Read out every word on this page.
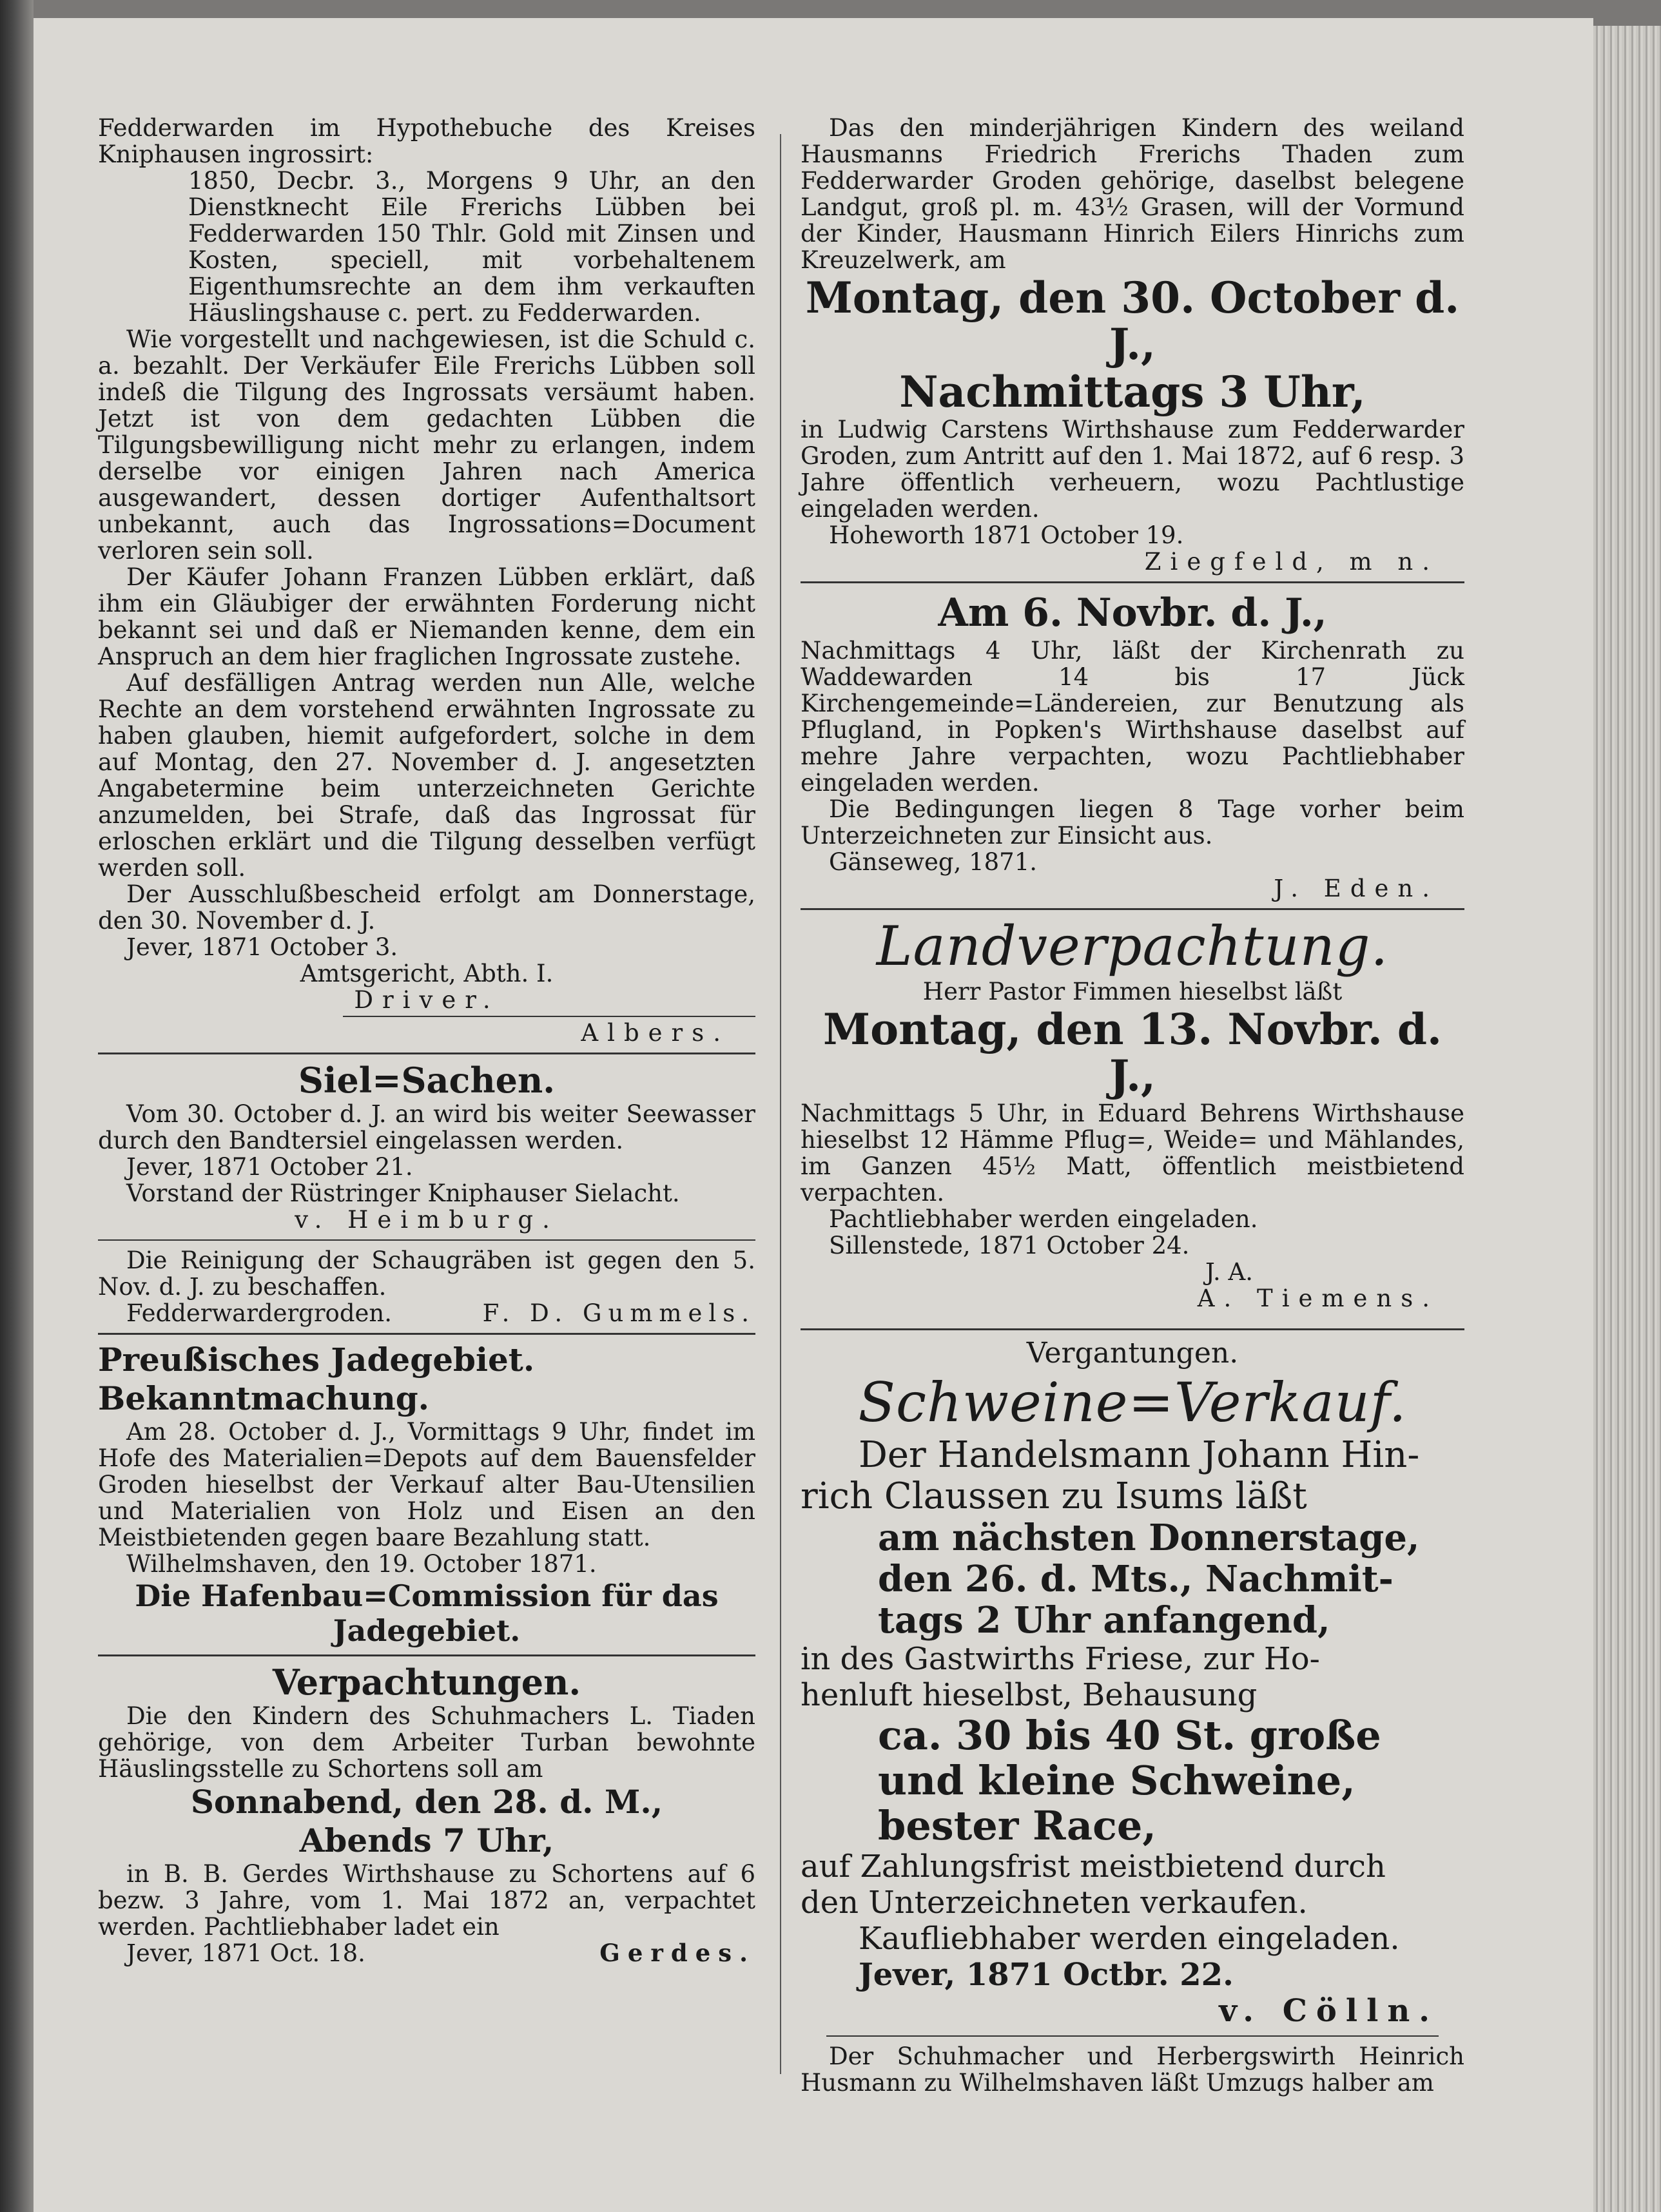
Fedderwarden im Hypothebuche des Kreises Kniphausen ingrossirt:

1850, Decbr. 3., Morgens 9 Uhr, an den Dienstknecht Eile Frerichs Lübben bei Fedderwarden 150 Thlr. Gold mit Zinsen und Kosten, speciell, mit vorbehaltenem Eigenthumsrechte an dem ihm verkauften Häuslingshause c. pert. zu Fedderwarden.

Wie vorgestellt und nachgewiesen, ist die Schuld c. a. bezahlt. Der Verkäufer Eile Frerichs Lübben soll indeß die Tilgung des Ingrossats versäumt haben. Jetzt ist von dem gedachten Lübben die Tilgungsbewilligung nicht mehr zu erlangen, indem derselbe vor einigen Jahren nach America ausgewandert, dessen dortiger Aufenthaltsort unbekannt, auch das Ingrossations=Document verloren sein soll.

Der Käufer Johann Franzen Lübben erklärt, daß ihm ein Gläubiger der erwähnten Forderung nicht bekannt sei und daß er Niemanden kenne, dem ein Anspruch an dem hier fraglichen Ingrossate zustehe.

Auf desfälligen Antrag werden nun Alle, welche Rechte an dem vorstehend erwähnten Ingrossate zu haben glauben, hiemit aufgefordert, solche in dem auf Montag, den 27. November d. J. angesetzten Angabetermine beim unterzeichneten Gerichte anzumelden, bei Strafe, daß das Ingrossat für erloschen erklärt und die Tilgung desselben verfügt werden soll.

Der Ausschlußbescheid erfolgt am Donnerstage, den 30. November d. J.

Jever, 1871 October 3.

Amtsgericht, Abth. I.

Driver.

Albers.

Siel=Sachen.

Vom 30. October d. J. an wird bis weiter Seewasser durch den Bandtersiel eingelassen werden.

Jever, 1871 October 21.

Vorstand der Rüstringer Kniphauser Sielacht.

v. Heimburg.

Die Reinigung der Schaugräben ist gegen den 5. Nov. d. J. zu beschaffen.

Fedderwardergroden.	F. D. Gummels.

Preußisches Jadegebiet.

Bekanntmachung.

Am 28. October d. J., Vormittags 9 Uhr, findet im Hofe des Materialien=Depots auf dem Bauensfelder Groden hieselbst der Verkauf alter Bau-Utensilien und Materialien von Holz und Eisen an den Meistbietenden gegen baare Bezahlung statt.

Wilhelmshaven, den 19. October 1871.

Die Hafenbau=Commission für das Jadegebiet.

Verpachtungen.

Die den Kindern des Schuhmachers L. Tiaden gehörige, von dem Arbeiter Turban bewohnte Häuslingsstelle zu Schortens soll am

Sonnabend, den 28. d. M.,

Abends 7 Uhr,

in B. B. Gerdes Wirthshause zu Schortens auf 6 bezw. 3 Jahre, vom 1. Mai 1872 an, verpachtet werden. Pachtliebhaber ladet ein

Jever, 1871 Oct. 18.	Gerdes.

Das den minderjährigen Kindern des weiland Hausmanns Friedrich Frerichs Thaden zum Fedderwarder Groden gehörige, daselbst belegene Landgut, groß pl. m. 43½ Grasen, will der Vormund der Kinder, Hausmann Hinrich Eilers Hinrichs zum Kreuzelwerk, am

Montag, den 30. October d. J.,

Nachmittags 3 Uhr,

in Ludwig Carstens Wirthshause zum Fedderwarder Groden, zum Antritt auf den 1. Mai 1872, auf 6 resp. 3 Jahre öffentlich verheuern, wozu Pachtlustige eingeladen werden.

Hoheworth 1871 October 19.

Ziegfeld, m n.

Am 6. Novbr. d. J.,

Nachmittags 4 Uhr, läßt der Kirchenrath zu Waddewarden 14 bis 17 Jück Kirchengemeinde=Ländereien, zur Benutzung als Pflugland, in Popken's Wirthshause daselbst auf mehre Jahre verpachten, wozu Pachtliebhaber eingeladen werden.

Die Bedingungen liegen 8 Tage vorher beim Unterzeichneten zur Einsicht aus.

Gänseweg, 1871.

J. Eden.

Landverpachtung.

Herr Pastor Fimmen hieselbst läßt

Montag, den 13. Novbr. d. J.,

Nachmittags 5 Uhr, in Eduard Behrens Wirthshause hieselbst 12 Hämme Pflug=, Weide= und Mählandes, im Ganzen 45½ Matt, öffentlich meistbietend verpachten.

Pachtliebhaber werden eingeladen.

Sillenstede, 1871 October 24.

J. A.

A. Tiemens.

Vergantungen.

Schweine=Verkauf.

Der Handelsmann Johann Hin-

rich Claussen zu Isums läßt

am nächsten Donnerstage,

den 26. d. Mts., Nachmit-

tags 2 Uhr anfangend,

in des Gastwirths Friese, zur Ho-

henluft hieselbst, Behausung

ca. 30 bis 40 St. große

und kleine Schweine,

bester Race,

auf Zahlungsfrist meistbietend durch

den Unterzeichneten verkaufen.

Kaufliebhaber werden eingeladen.

Jever, 1871 Octbr. 22.

v. Cölln.

Der Schuhmacher und Herbergswirth Heinrich Husmann zu Wilhelmshaven läßt Umzugs halber am
